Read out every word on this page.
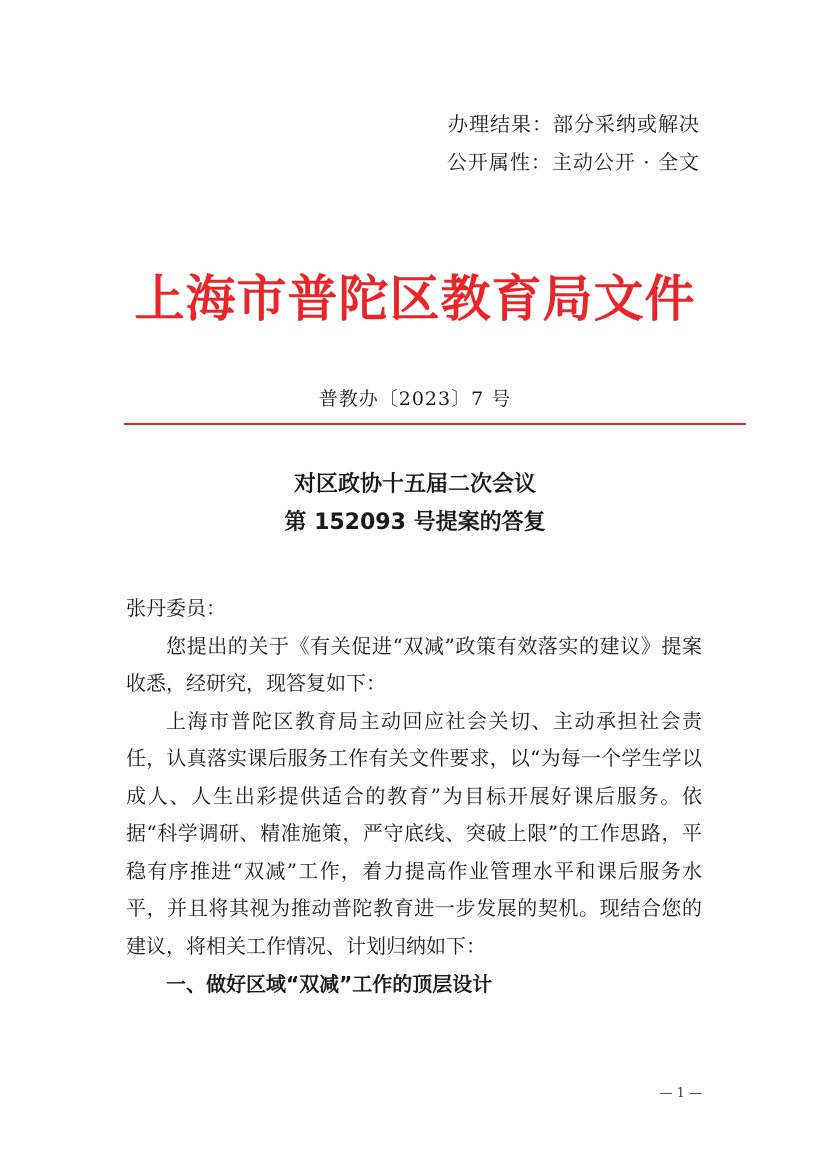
办理结果：部分采纳或解决
公开属性：主动公开 · 全文
上海市普陀区教育局文件
普教办〔2023〕7 号
对区政协十五届二次会议
第 152093 号提案的答复

张丹委员：

您提出的关于《有关促进“双减”政策有效落实的建议》提案收悉，经研究，现答复如下：

上海市普陀区教育局主动回应社会关切、主动承担社会责任，认真落实课后服务工作有关文件要求，以“为每一个学生学以成人、人生出彩提供适合的教育”为目标开展好课后服务。依据“科学调研、精准施策，严守底线、突破上限”的工作思路，平稳有序推进“双减”工作，着力提高作业管理水平和课后服务水平，并且将其视为推动普陀教育进一步发展的契机。现结合您的建议，将相关工作情况、计划归纳如下：

一、做好区域“双减”工作的顶层设计

— 1 —
